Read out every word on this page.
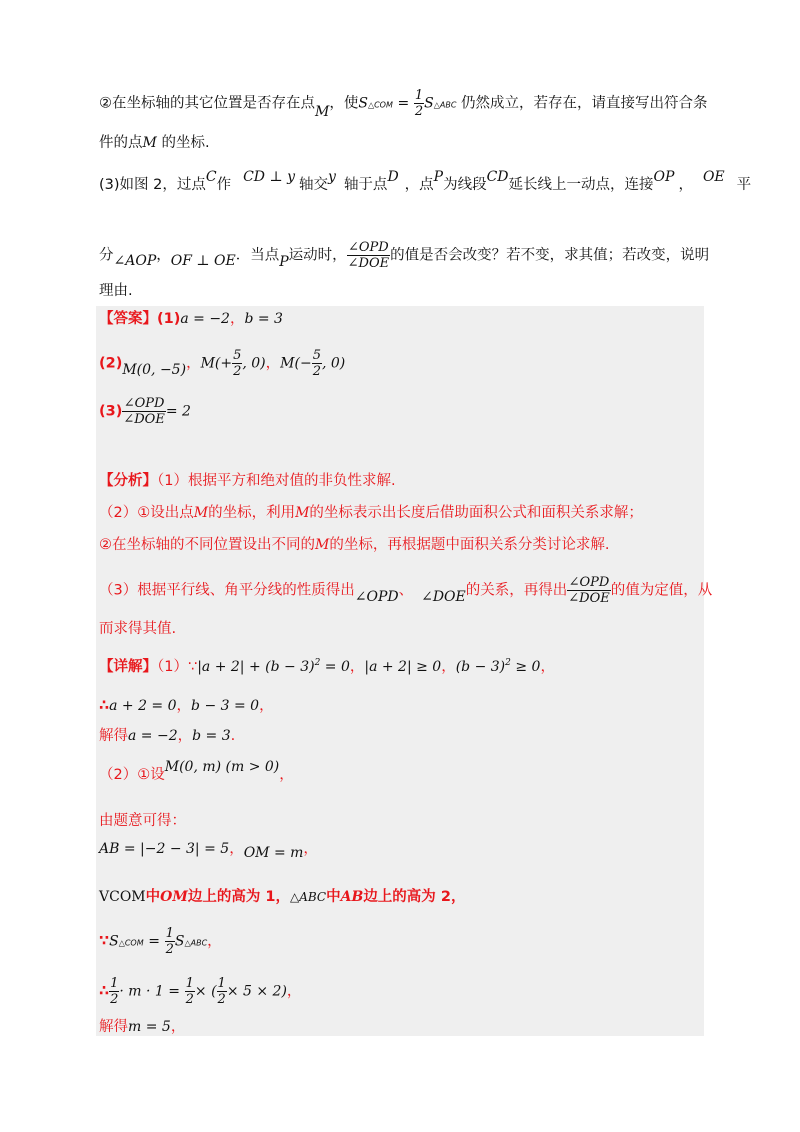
②在坐标轴的其它位置是否存在点M，使S△COM = $\frac{1}{2}$ S△ABC 仍然成立，若存在，请直接写出符合条
件的点M 的坐标.
(3)如图 2，过点C作 CD ⊥ y 轴交y 轴于点D ，点P为线段CD延长线上一动点，连接OP ， OE 平
分∠AOP，OF ⊥ OE．当点P运动时， $\frac{\text{∠OPD}}{\text{∠DOE}}$ 的值是否会改变？若不变，求其值；若改变，说明
理由.
【答案】(1)a = −2，b = 3
(2)M(0, −5)，$M(+ \frac{5}{2}$ , 0)，$M(- \frac{5}{2}$ , 0)
$(3) \frac{\text{∠OPD}}{\text{∠DOE}} = 2$
【分析】（1）根据平方和绝对值的非负性求解.
（2）①设出点M的坐标，利用M的坐标表示出长度后借助面积公式和面积关系求解；
②在坐标轴的不同位置设出不同的M的坐标，再根据题中面积关系分类讨论求解.
（3）根据平行线、角平分线的性质得出∠OPD、 ∠DOE的关系，再得出 $\frac{\text{∠OPD}}{\text{∠DOE}}$ 的值为定值，从
而求得其值.
【详解】（1）∵|a + $2| + (b - 3)^2 = 0$，|a + 2| ≥ 0，$(b - 3)^2 \ge 0$，
∴a + 2 = 0，b − 3 = 0，
解得a = −2，b = 3.
（2）①设M(0, m) (m > 0)，
由题意可得：
AB = |−2 − 3| = 5，OM = m，
VCOM中OM边上的高为 1，△ABC中AB边上的高为 2，
∵S△COM = $\frac{1}{2}$ S△ABC，
∴ $\frac{1}{2} \cdot m \cdot 1 = \frac{1}{2}$ × ( $\frac{1}{2} \times 5 \times 2$)，
解得m = 5，
